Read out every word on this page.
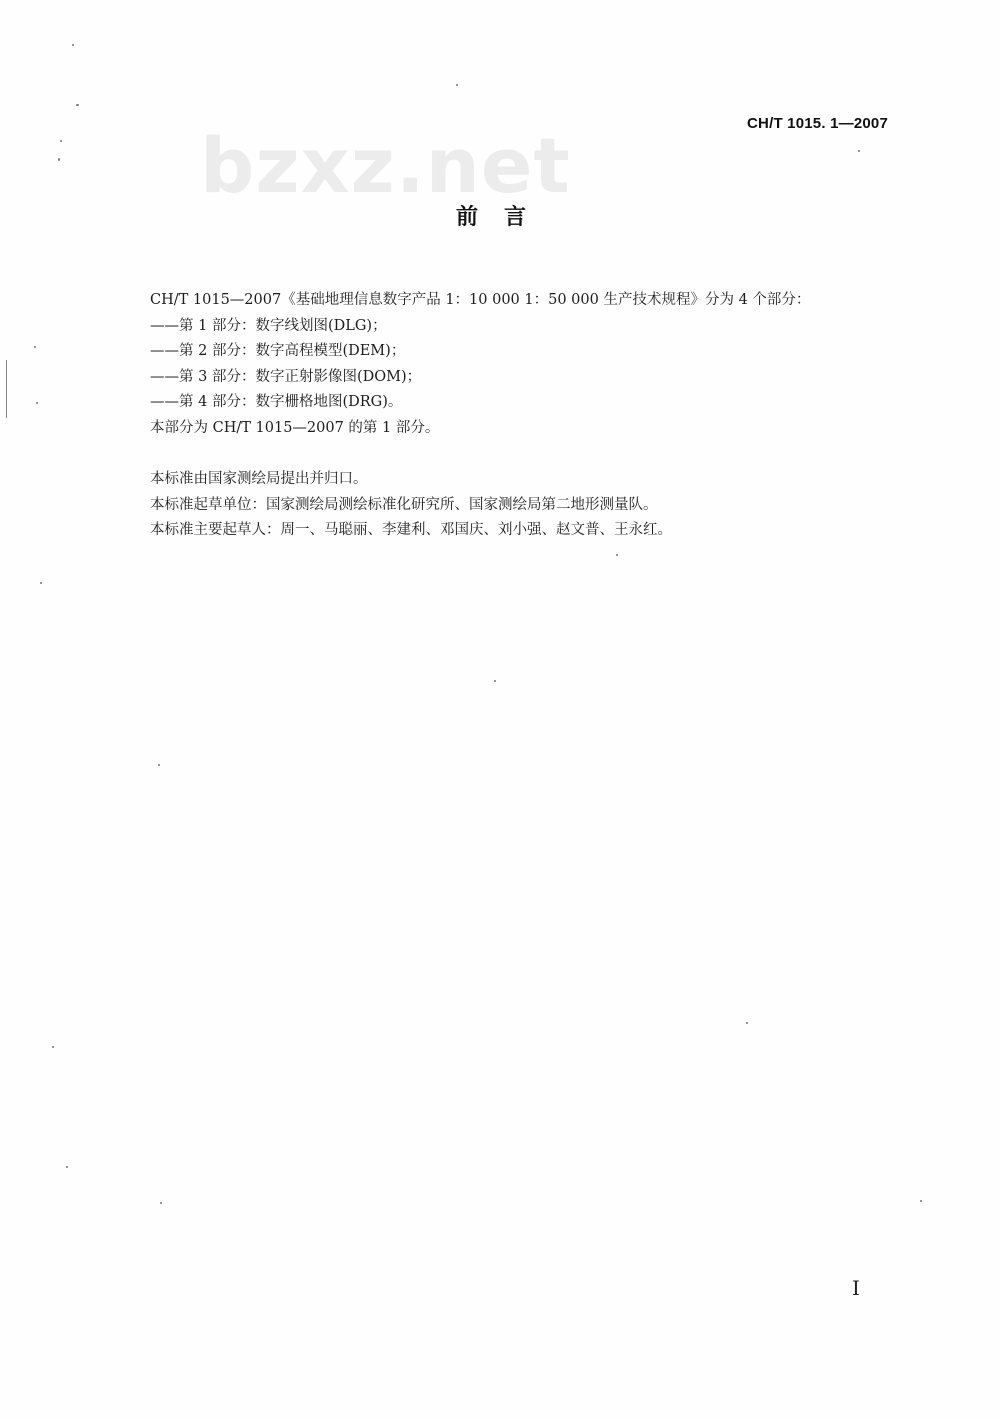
bzxz.net	CH/T 1015. 1—2007
前言

CH/T 1015—2007《基础地理信息数字产品 1：10 000 1：50 000 生产技术规程》分为 4 个部分：

——第 1 部分：数字线划图(DLG)；

——第 2 部分：数字高程模型(DEM)；

——第 3 部分：数字正射影像图(DOM)；

——第 4 部分：数字栅格地图(DRG)。

本部分为 CH/T 1015—2007 的第 1 部分。

本标准由国家测绘局提出并归口。

本标准起草单位：国家测绘局测绘标准化研究所、国家测绘局第二地形测量队。

本标准主要起草人：周一、马聪丽、李建利、邓国庆、刘小强、赵文普、王永红。

I
